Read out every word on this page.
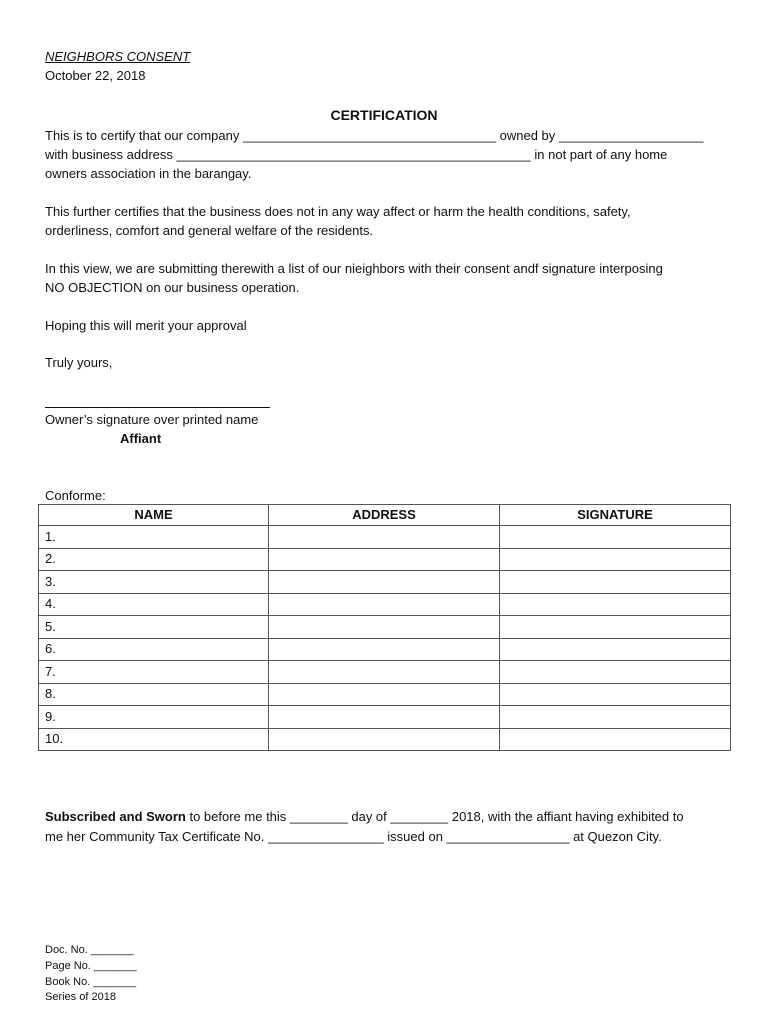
NEIGHBORS CONSENT
October 22, 2018
CERTIFICATION
This is to certify that our company ___________________________________ owned by ____________________
with business address _________________________________________________ in not part of any home
owners association in the barangay.
This further certifies that the business does not in any way affect or harm the health conditions, safety,
orderliness, comfort and general welfare of the residents.
In this view, we are submitting therewith a list of our nieighbors with their consent andf signature interposing
NO OBJECTION on our business operation.
Hoping this will merit your approval
Truly yours,
Owner’s signature over printed name
Affiant
Conforme:
NAME	ADDRESS	SIGNATURE
1.		
2.		
3.		
4.		
5.		
6.		
7.		
8.		
9.		
10.		
Subscribed and Sworn to before me this ________ day of ________ 2018, with the affiant having exhibited to
me her Community Tax Certificate No. ________________ issued on _________________ at Quezon City.
Doc. No. _______
Page No. _______
Book No. _______
Series of 2018
